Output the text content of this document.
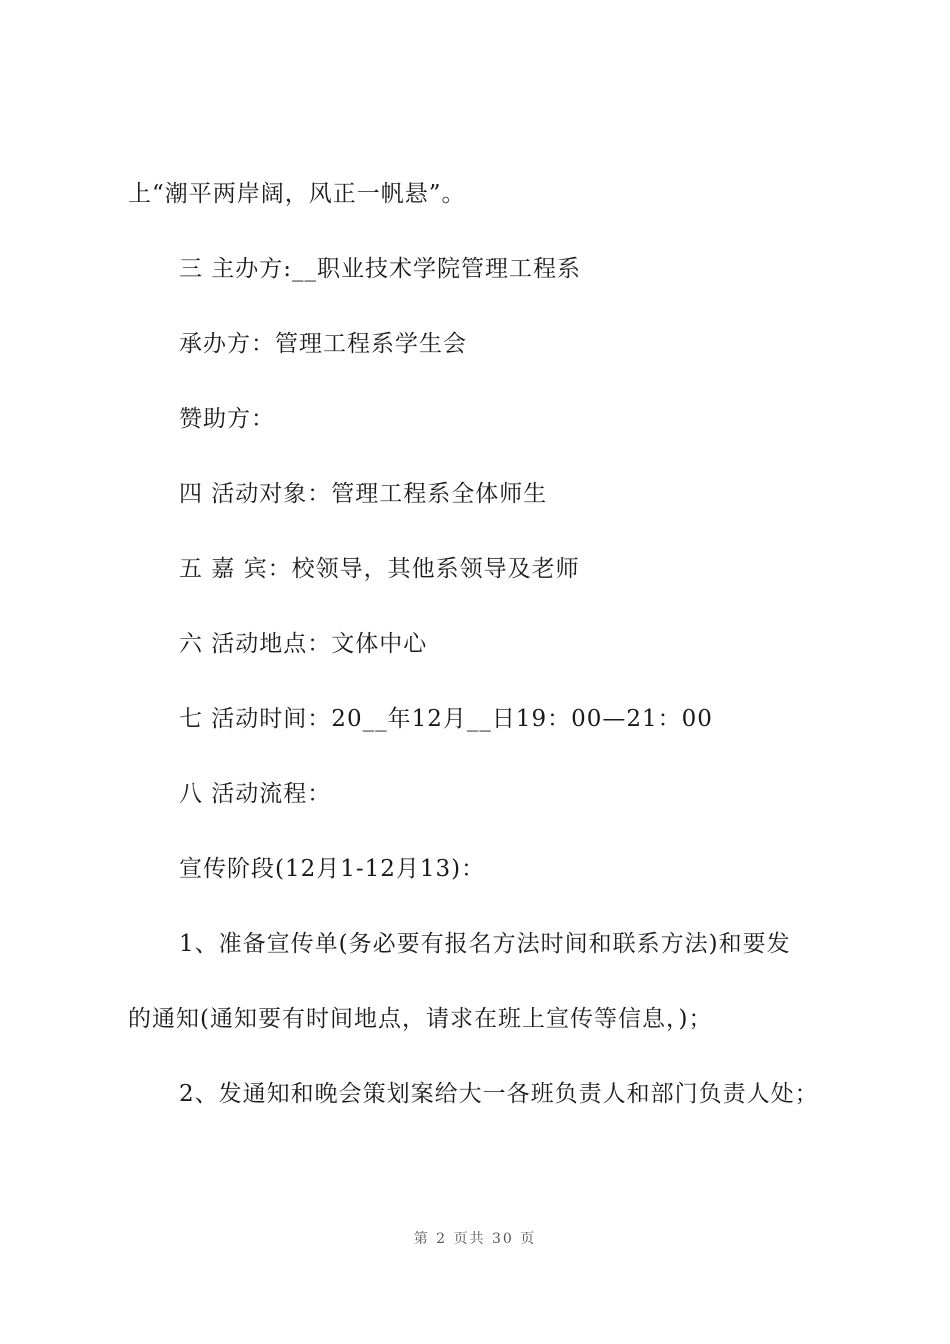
上“潮平两岸阔，风正一帆悬”。
三 主办方:__职业技术学院管理工程系
承办方：管理工程系学生会
赞助方：
四 活动对象：管理工程系全体师生
五 嘉 宾：校领导，其他系领导及老师
六 活动地点：文体中心
七 活动时间：20__年12月__日19：00—21：00
八 活动流程：
宣传阶段(12月1-12月13)：
1、准备宣传单(务必要有报名方法时间和联系方法)和要发
的通知(通知要有时间地点，请求在班上宣传等信息，)；
2、发通知和晚会策划案给大一各班负责人和部门负责人处；
第 2 页共 30 页
